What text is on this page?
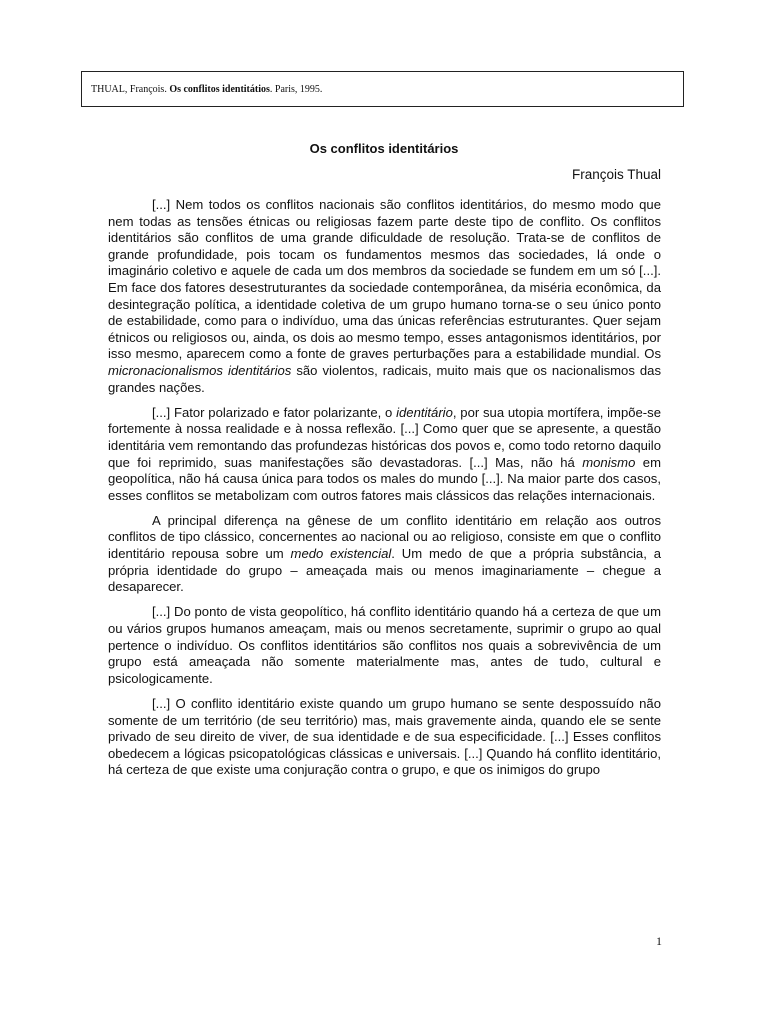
THUAL, François. Os conflitos identitátios. Paris, 1995.
Os conflitos identitários
François Thual

[...] Nem todos os conflitos nacionais são conflitos identitários, do mesmo modo que nem todas as tensões étnicas ou religiosas fazem parte deste tipo de conflito. Os conflitos identitários são conflitos de uma grande dificuldade de resolução. Trata-se de conflitos de grande profundidade, pois tocam os fundamentos mesmos das sociedades, lá onde o imaginário coletivo e aquele de cada um dos membros da sociedade se fundem em um só [...]. Em face dos fatores desestruturantes da sociedade contemporânea, da miséria econômica, da desintegração política, a identidade coletiva de um grupo humano torna-se o seu único ponto de estabilidade, como para o indivíduo, uma das únicas referências estruturantes. Quer sejam étnicos ou religiosos ou, ainda, os dois ao mesmo tempo, esses antagonismos identitários, por isso mesmo, aparecem como a fonte de graves perturbações para a estabilidade mundial. Os micronacionalismos identitários são violentos, radicais, muito mais que os nacionalismos das grandes nações.

[...] Fator polarizado e fator polarizante, o identitário, por sua utopia mortífera, impõe-se fortemente à nossa realidade e à nossa reflexão. [...] Como quer que se apresente, a questão identitária vem remontando das profundezas históricas dos povos e, como todo retorno daquilo que foi reprimido, suas manifestações são devastadoras. [...] Mas, não há monismo em geopolítica, não há causa única para todos os males do mundo [...]. Na maior parte dos casos, esses conflitos se metabolizam com outros fatores mais clássicos das relações internacionais.

A principal diferença na gênese de um conflito identitário em relação aos outros conflitos de tipo clássico, concernentes ao nacional ou ao religioso, consiste em que o conflito identitário repousa sobre um medo existencial. Um medo de que a própria substância, a própria identidade do grupo – ameaçada mais ou menos imaginariamente – chegue a desaparecer.

[...] Do ponto de vista geopolítico, há conflito identitário quando há a certeza de que um ou vários grupos humanos ameaçam, mais ou menos secretamente, suprimir o grupo ao qual pertence o indivíduo. Os conflitos identitários são conflitos nos quais a sobrevivência de um grupo está ameaçada não somente materialmente mas, antes de tudo, cultural e psicologicamente.

[...] O conflito identitário existe quando um grupo humano se sente despossuído não somente de um território (de seu território) mas, mais gravemente ainda, quando ele se sente privado de seu direito de viver, de sua identidade e de sua especificidade. [...] Esses conflitos obedecem a lógicas psicopatológicas clássicas e universais. [...] Quando há conflito identitário, há certeza de que existe uma conjuração contra o grupo, e que os inimigos do grupo

1
